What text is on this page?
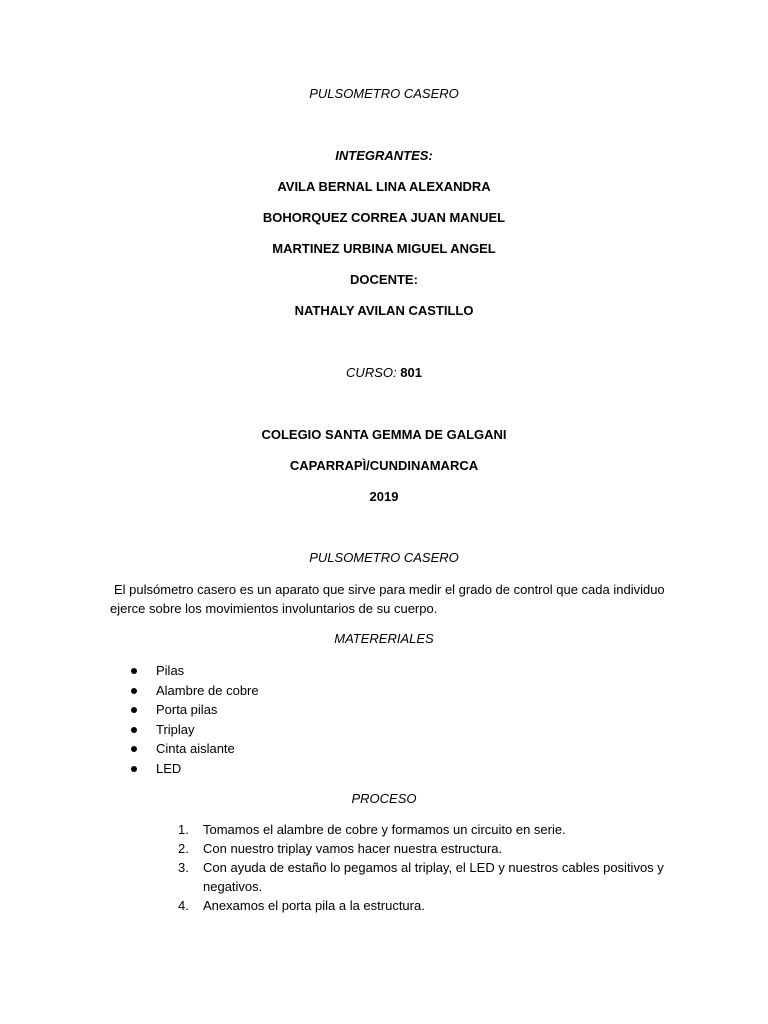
PULSOMETRO CASERO
INTEGRANTES:
AVILA BERNAL LINA ALEXANDRA
BOHORQUEZ CORREA JUAN MANUEL
MARTINEZ URBINA MIGUEL ANGEL
DOCENTE:
NATHALY AVILAN CASTILLO
CURSO: 801
COLEGIO SANTA GEMMA DE GALGANI
CAPARRAPÌ/CUNDINAMARCA
2019
PULSOMETRO CASERO
El pulsómetro casero es un aparato que sirve para medir el grado de control que cada individuo ejerce sobre los movimientos involuntarios de su cuerpo.
MATERERIALES
Pilas
Alambre de cobre
Porta pilas
Triplay
Cinta aislante
LED
PROCESO
1. Tomamos el alambre de cobre y formamos un circuito en serie.
2. Con nuestro triplay vamos hacer nuestra estructura.
3. Con ayuda de estaño lo pegamos al triplay, el LED y nuestros cables positivos y negativos.
4. Anexamos el porta pila a la estructura.
